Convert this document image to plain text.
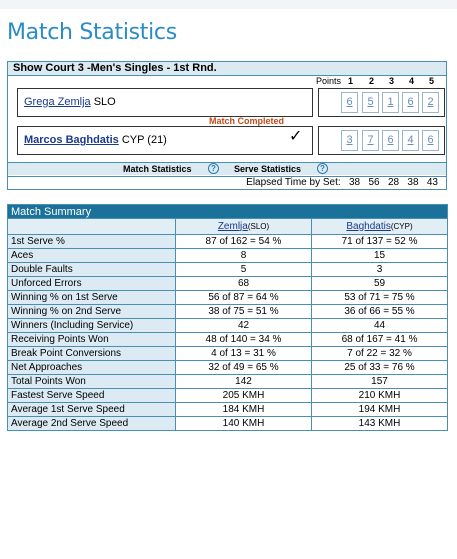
Match Statistics
Show Court 3 -Men's Singles - 1st Rnd.
Points 1 2 3 4 5
Grega Zemlja SLO	6	5	1	6	2
Match Completed
Marcos Baghdatis CYP (21)	✓	3	7	6	4	6
Match Statistics	?	Serve Statistics	?
Elapsed Time by Set: 38 56 28 38 43
Match Summary		
	Zemlja$^{(SLO)}$	Baghdatis$^{(CYP)}$
1st Serve %	87 of 162 = 54 %	71 of 137 = 52 %
Aces	8	15
Double Faults	5	3
Unforced Errors	68	59
Winning % on 1st Serve	56 of 87 = 64 %	53 of 71 = 75 %
Winning % on 2nd Serve	38 of 75 = 51 %	36 of 66 = 55 %
Winners (Including Service)	42	44
Receiving Points Won	48 of 140 = 34 %	68 of 167 = 41 %
Break Point Conversions	4 of 13 = 31 %	7 of 22 = 32 %
Net Approaches	32 of 49 = 65 %	25 of 33 = 76 %
Total Points Won	142	157
Fastest Serve Speed	205 KMH	210 KMH
Average 1st Serve Speed	184 KMH	194 KMH
Average 2nd Serve Speed	140 KMH	143 KMH
